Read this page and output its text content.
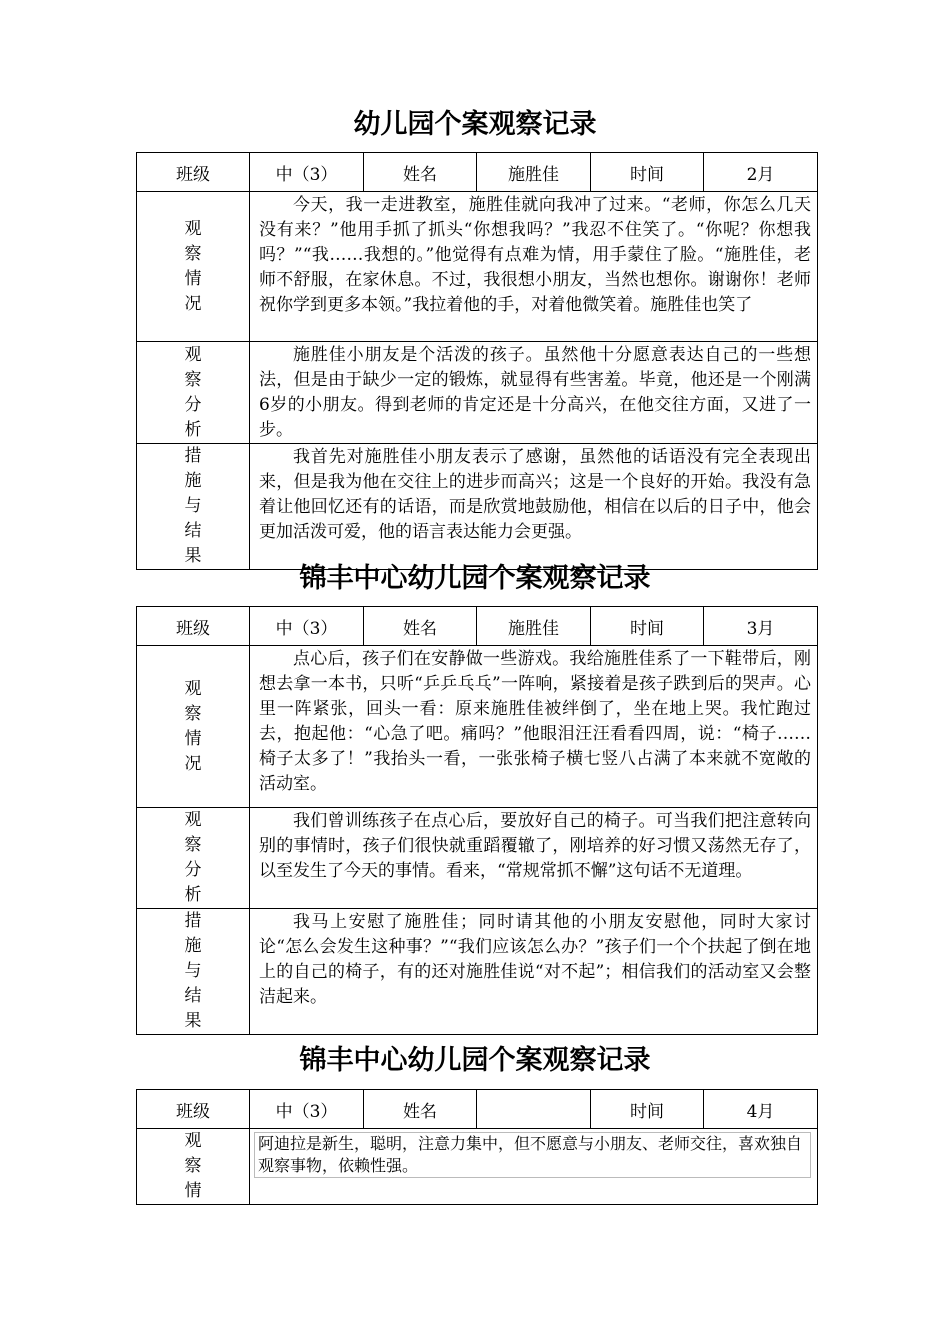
幼儿园个案观察记录
班级	中（3）	姓名	施胜佳	时间	2月

观
察
情
况	今天，我一走进教室，施胜佳就向我冲了过来。“老师，你怎么几天没有来？”他用手抓了抓头“你想我吗？”我忍不住笑了。“你呢？你想我吗？”“我……我想的。”他觉得有点难为情，用手蒙住了脸。“施胜佳，老师不舒服，在家休息。不过，我很想小朋友，当然也想你。谢谢你！老师祝你学到更多本领。”我拉着他的手，对着他微笑着。施胜佳也笑了				

观
察
分
析	施胜佳小朋友是个活泼的孩子。虽然他十分愿意表达自己的一些想法，但是由于缺少一定的锻炼，就显得有些害羞。毕竟，他还是一个刚满6岁的小朋友。得到老师的肯定还是十分高兴，在他交往方面，又进了一步。				

措
施
与
结
果	我首先对施胜佳小朋友表示了感谢，虽然他的话语没有完全表现出来，但是我为他在交往上的进步而高兴；这是一个良好的开始。我没有急着让他回忆还有的话语，而是欣赏地鼓励他，相信在以后的日子中，他会更加活泼可爱，他的语言表达能力会更强。				

锦丰中心幼儿园个案观察记录
班级	中（3）	姓名	施胜佳	时间	3月

观
察
情
况	点心后，孩子们在安静做一些游戏。我给施胜佳系了一下鞋带后，刚想去拿一本书，只听“乒乒乓乓”一阵响，紧接着是孩子跌到后的哭声。心里一阵紧张，回头一看：原来施胜佳被绊倒了，坐在地上哭。我忙跑过去，抱起他：“心急了吧。痛吗？”他眼泪汪汪看看四周，说：“椅子……椅子太多了！”我抬头一看，一张张椅子横七竖八占满了本来就不宽敞的活动室。				

观
察
分
析	我们曾训练孩子在点心后，要放好自己的椅子。可当我们把注意转向别的事情时，孩子们很快就重蹈覆辙了，刚培养的好习惯又荡然无存了，以至发生了今天的事情。看来，“常规常抓不懈”这句话不无道理。				

措
施
与
结
果	我马上安慰了施胜佳；同时请其他的小朋友安慰他，同时大家讨论“怎么会发生这种事？”“我们应该怎么办？”孩子们一个个扶起了倒在地上的自己的椅子，有的还对施胜佳说“对不起”；相信我们的活动室又会整洁起来。				

锦丰中心幼儿园个案观察记录
班级	中（3）	姓名		时间	4月

观
察
情	阿迪拉是新生，聪明，注意力集中，但不愿意与小朋友、老师交往，喜欢独自观察事物，依赖性强。				
